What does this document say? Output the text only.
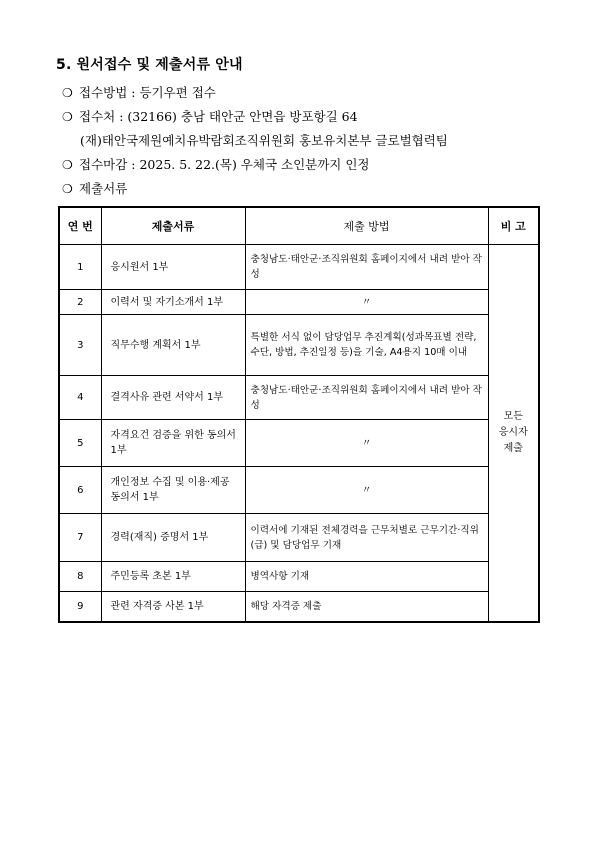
5. 원서접수 및 제출서류 안내
❍ 접수방법 : 등기우편 접수
❍ 접수처 : (32166) 충남 태안군 안면읍 방포항길 64
(재)태안국제원예치유박람회조직위원회 홍보유치본부 글로벌협력팀
❍ 접수마감 : 2025. 5. 22.(목) 우체국 소인분까지 인정
❍ 제출서류
연 번	제출서류	제출 방법	비 고
1	응시원서 1부	충청남도·태안군·조직위원회 홈페이지에서 내려 받아 작성	모든 응시자 제출
2	이력서 및 자기소개서 1부	〃	
3	직무수행 계획서 1부	특별한 서식 없이 담당업무 추진계획(성과목표별 전략, 수단, 방법, 추진일정 등)을 기술, A4용지 10매 이내	
4	결격사유 관련 서약서 1부	충청남도·태안군·조직위원회 홈페이지에서 내려 받아 작성	
5	자격요건 검증을 위한 동의서 1부	〃	
6	개인정보 수집 및 이용·제공 동의서 1부	〃	
7	경력(재직) 증명서 1부	이력서에 기재된 전체경력을 근무처별로 근무기간·직위(급) 및 담당업무 기재	
8	주민등록 초본 1부	병역사항 기재	
9	관련 자격증 사본 1부	해당 자격증 제출	
